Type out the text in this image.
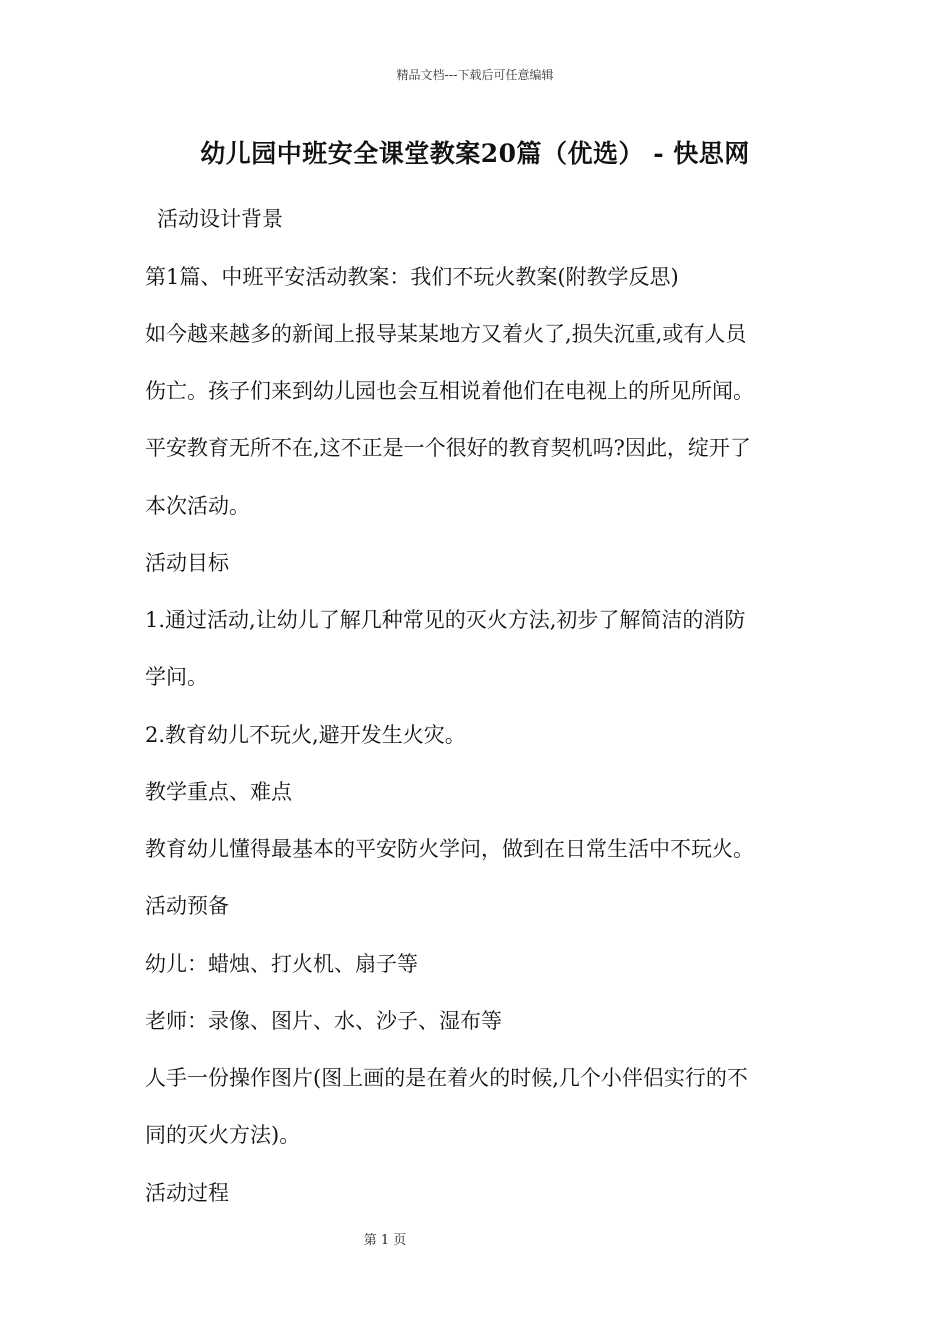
精品文档---下载后可任意编辑
幼儿园中班安全课堂教案20篇（优选） - 快思网
活动设计背景
第1篇、中班平安活动教案：我们不玩火教案(附教学反思)
如今越来越多的新闻上报导某某地方又着火了,损失沉重,或有人员
伤亡。孩子们来到幼儿园也会互相说着他们在电视上的所见所闻。
平安教育无所不在,这不正是一个很好的教育契机吗?因此，绽开了
本次活动。
活动目标
1.通过活动,让幼儿了解几种常见的灭火方法,初步了解简洁的消防
学问。
2.教育幼儿不玩火,避开发生火灾。
教学重点、难点
教育幼儿懂得最基本的平安防火学问，做到在日常生活中不玩火。
活动预备
幼儿：蜡烛、打火机、扇子等
老师：录像、图片、水、沙子、湿布等
人手一份操作图片(图上画的是在着火的时候,几个小伴侣实行的不
同的灭火方法)。
活动过程
第 1 页
